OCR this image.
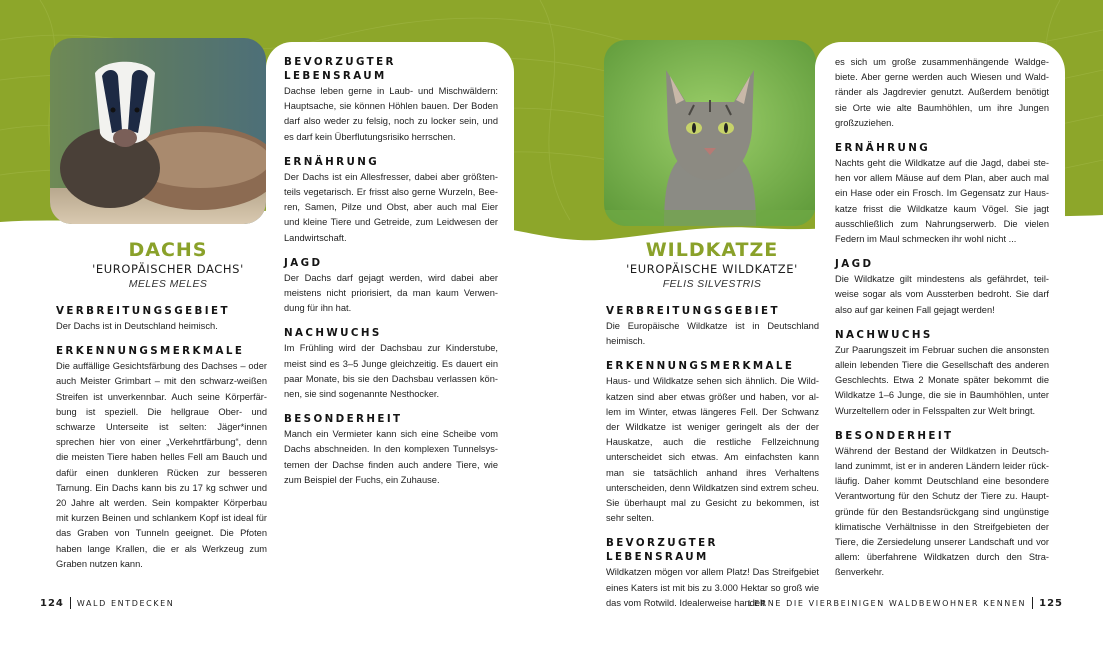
DACHS
'EUROPÄISCHER DACHS'
MELES MELES
VERBREITUNGSGEBIET
Der Dachs ist in Deutschland heimisch.
ERKENNUNGSMERKMALE
Die auffällige Gesichtsfärbung des Dachses – oder auch Meister Grimbart – mit den schwarz-weißen Streifen ist unverkennbar. Auch seine Körperfärbung ist speziell. Die hellgraue Ober- und schwarze Unterseite ist selten: Jäger*innen sprechen hier von einer „Verkehrtfärbung“, denn die meisten Tiere haben helles Fell am Bauch und dafür einen dunkleren Rücken zur besseren Tarnung. Ein Dachs kann bis zu 17 kg schwer und 20 Jahre alt werden. Sein kompakter Körperbau mit kurzen Beinen und schlankem Kopf ist ideal für das Graben von Tunneln geeignet. Die Pfoten haben lange Krallen, die er als Werkzeug zum Graben nutzen kann.
BEVORZUGTER LEBENSRAUM
Dachse leben gerne in Laub- und Mischwäldern: Hauptsache, sie können Höhlen bauen. Der Boden darf also weder zu felsig, noch zu locker sein, und es darf kein Überflutungsrisiko herrschen.
ERNÄHRUNG
Der Dachs ist ein Allesfresser, dabei aber größtenteils vegetarisch. Er frisst also gerne Wurzeln, Beeren, Samen, Pilze und Obst, aber auch mal Eier und kleine Tiere und Getreide, zum Leidwesen der Landwirtschaft.
JAGD
Der Dachs darf gejagt werden, wird dabei aber meistens nicht priorisiert, da man kaum Verwendung für ihn hat.
NACHWUCHS
Im Frühling wird der Dachsbau zur Kinderstube, meist sind es 3–5 Junge gleichzeitig. Es dauert ein paar Monate, bis sie den Dachsbau verlassen können, sie sind sogenannte Nesthocker.
BESONDERHEIT
Manch ein Vermieter kann sich eine Scheibe vom Dachs abschneiden. In den komplexen Tunnelsystemen der Dachse finden auch andere Tiere, wie zum Beispiel der Fuchs, ein Zuhause.
124 WALD ENTDECKEN
WILDKATZE
'EUROPÄISCHE WILDKATZE'
FELIS SILVESTRIS
VERBREITUNGSGEBIET
Die Europäische Wildkatze ist in Deutschland heimisch.
ERKENNUNGSMERKMALE
Haus- und Wildkatze sehen sich ähnlich. Die Wildkatzen sind aber etwas größer und haben, vor allem im Winter, etwas längeres Fell. Der Schwanz der Wildkatze ist weniger geringelt als der der Hauskatze, auch die restliche Fellzeichnung unterscheidet sich etwas. Am einfachsten kann man sie tatsächlich anhand ihres Verhaltens unterscheiden, denn Wildkatzen sind extrem scheu. Sie überhaupt mal zu Gesicht zu bekommen, ist sehr selten.
BEVORZUGTER LEBENSRAUM
Wildkatzen mögen vor allem Platz! Das Streifgebiet eines Katers ist mit bis zu 3.000 Hektar so groß wie das vom Rotwild. Idealerweise handelt
es sich um große zusammenhängende Waldgebiete. Aber gerne werden auch Wiesen und Waldränder als Jagdrevier genutzt. Außerdem benötigt sie Orte wie alte Baumhöhlen, um ihre Jungen großzuziehen.
ERNÄHRUNG
Nachts geht die Wildkatze auf die Jagd, dabei stehen vor allem Mäuse auf dem Plan, aber auch mal ein Hase oder ein Frosch. Im Gegensatz zur Hauskatze frisst die Wildkatze kaum Vögel. Sie jagt ausschließlich zum Nahrungserwerb. Die vielen Federn im Maul schmecken ihr wohl nicht ...
JAGD
Die Wildkatze gilt mindestens als gefährdet, teilweise sogar als vom Aussterben bedroht. Sie darf also auf gar keinen Fall gejagt werden!
NACHWUCHS
Zur Paarungszeit im Februar suchen die ansonsten allein lebenden Tiere die Gesellschaft des anderen Geschlechts. Etwa 2 Monate später bekommt die Wildkatze 1–6 Junge, die sie in Baumhöhlen, unter Wurzeltellern oder in Felsspalten zur Welt bringt.
BESONDERHEIT
Während der Bestand der Wildkatzen in Deutschland zunimmt, ist er in anderen Ländern leider rückläufig. Daher kommt Deutschland eine besondere Verantwortung für den Schutz der Tiere zu. Hauptgründe für den Bestandsrückgang sind ungünstige klimatische Verhältnisse in den Streifgebieten der Tiere, die Zersiedelung unserer Landschaft und vor allem: überfahrene Wildkatzen durch den Straßenverkehr.
LERNE DIE VIERBEINIGEN WALDBEWOHNER KENNEN 125
